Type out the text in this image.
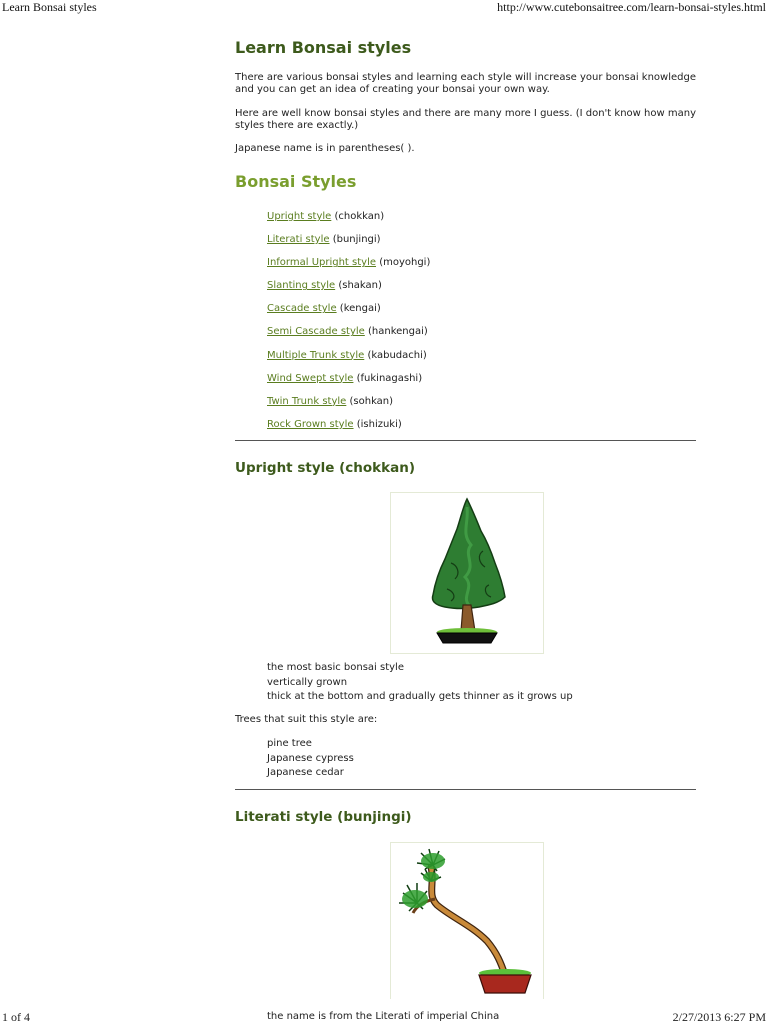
Learn Bonsai styles	http://www.cutebonsaitree.com/learn-bonsai-styles.html
Learn Bonsai styles

There are various bonsai styles and learning each style will increase your bonsai knowledge and you can get an idea of creating your bonsai your own way.

Here are well know bonsai styles and there are many more I guess. (I don't know how many styles there are exactly.)

Japanese name is in parentheses( ).

Bonsai Styles
Upright style (chokkan)
Literati style (bunjingi)
Informal Upright style (moyohgi)
Slanting style (shakan)
Cascade style (kengai)
Semi Cascade style (hankengai)
Multiple Trunk style (kabudachi)
Wind Swept style (fukinagashi)
Twin Trunk style (sohkan)
Rock Grown style (ishizuki)
Upright style (chokkan)
the most basic bonsai style
vertically grown
thick at the bottom and gradually gets thinner as it grows up

Trees that suit this style are:

pine tree
Japanese cypress
Japanese cedar
Literati style (bunjingi)
1 of 4	the name is from the Literati of imperial China	2/27/2013 6:27 PM
